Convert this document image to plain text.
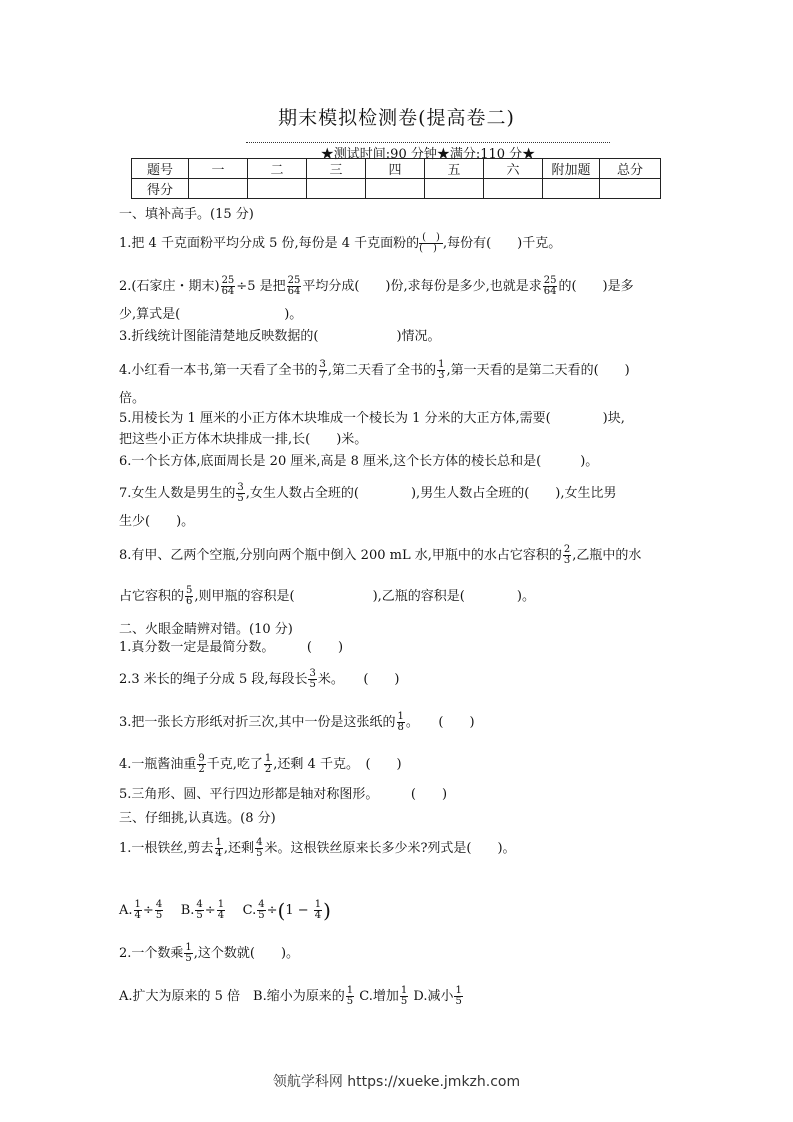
期末模拟检测卷(提高卷二)
★测试时间:90 分钟★满分:110 分★
题号	一	二	三	四	五	六	附加题	总分
得分								
一、填补高手。(15 分)
1.把 4 千克面粉平均分成 5 份,每份是 4 千克面粉的 (　)
(　) ,每份有(　　)千克。
2.(石家庄・期末) $\frac{25}{64} \div 5$ 是把 $\frac{25}{64}$ 平均分成(　　)份,求每份是多少,也就是求 $\frac{25}{64}$ 的(　　)是多
少,算式是(　　　　　　　　)。
3.折线统计图能清楚地反映数据的(　　　　　　)情况。
4.小红看一本书,第一天看了全书的 $\frac{3}{7}$ ,第二天看了全书的 $\frac{1}{3}$ ,第一天看的是第二天看的(　　)
倍。
5.用棱长为 1 厘米的小正方体木块堆成一个棱长为 1 分米的大正方体,需要(　　　　)块,
把这些小正方体木块排成一排,长(　　)米。
6.一个长方体,底面周长是 20 厘米,高是 8 厘米,这个长方体的棱长总和是(　　　)。
7.女生人数是男生的 $\frac{3}{5}$ ,女生人数占全班的(　　　　),男生人数占全班的(　　),女生比男
生少(　　)。
8.有甲、乙两个空瓶,分别向两个瓶中倒入 200 mL 水,甲瓶中的水占它容积的 $\frac{2}{3}$ ,乙瓶中的水
占它容积的 $\frac{5}{6}$ ,则甲瓶的容积是(　　　　　　),乙瓶的容积是(　　　　)。
二、火眼金睛辨对错。(10 分)
1.真分数一定是最简分数。　　　(　　)
2.3 米长的绳子分成 5 段,每段长 $\frac{3}{5}$ 米。　　(　　)
3.把一张长方形纸对折三次,其中一份是这张纸的 $\frac{1}{8}$ 。　　(　　)
4.一瓶酱油重 $\frac{9}{2}$ 千克,吃了 $\frac{1}{2}$ ,还剩 4 千克。　(　　)
5.三角形、圆、平行四边形都是轴对称图形。　　　(　　)
三、仔细挑,认真选。(8 分)
1.一根铁丝,剪去 $\frac{1}{4}$ ,还剩 $\frac{4}{5}$ 米。这根铁丝原来长多少米?列式是(　　)。
A. $\frac{1}{4} \div \frac{4}{5} B$. $\frac{4}{5} \div \frac{1}{4} C$. $\frac{4}{5} \div(1 - \frac{1}{4}$ )
2.一个数乘 $\frac{1}{5}$ ,这个数就(　　)。
A.扩大为原来的 5 倍　B.缩小为原来的 $\frac{1}{5} C$.增加 $\frac{1}{5} D$.减小 $\frac{1}{5}$
领航学科网 https://xueke.jmkzh.com
